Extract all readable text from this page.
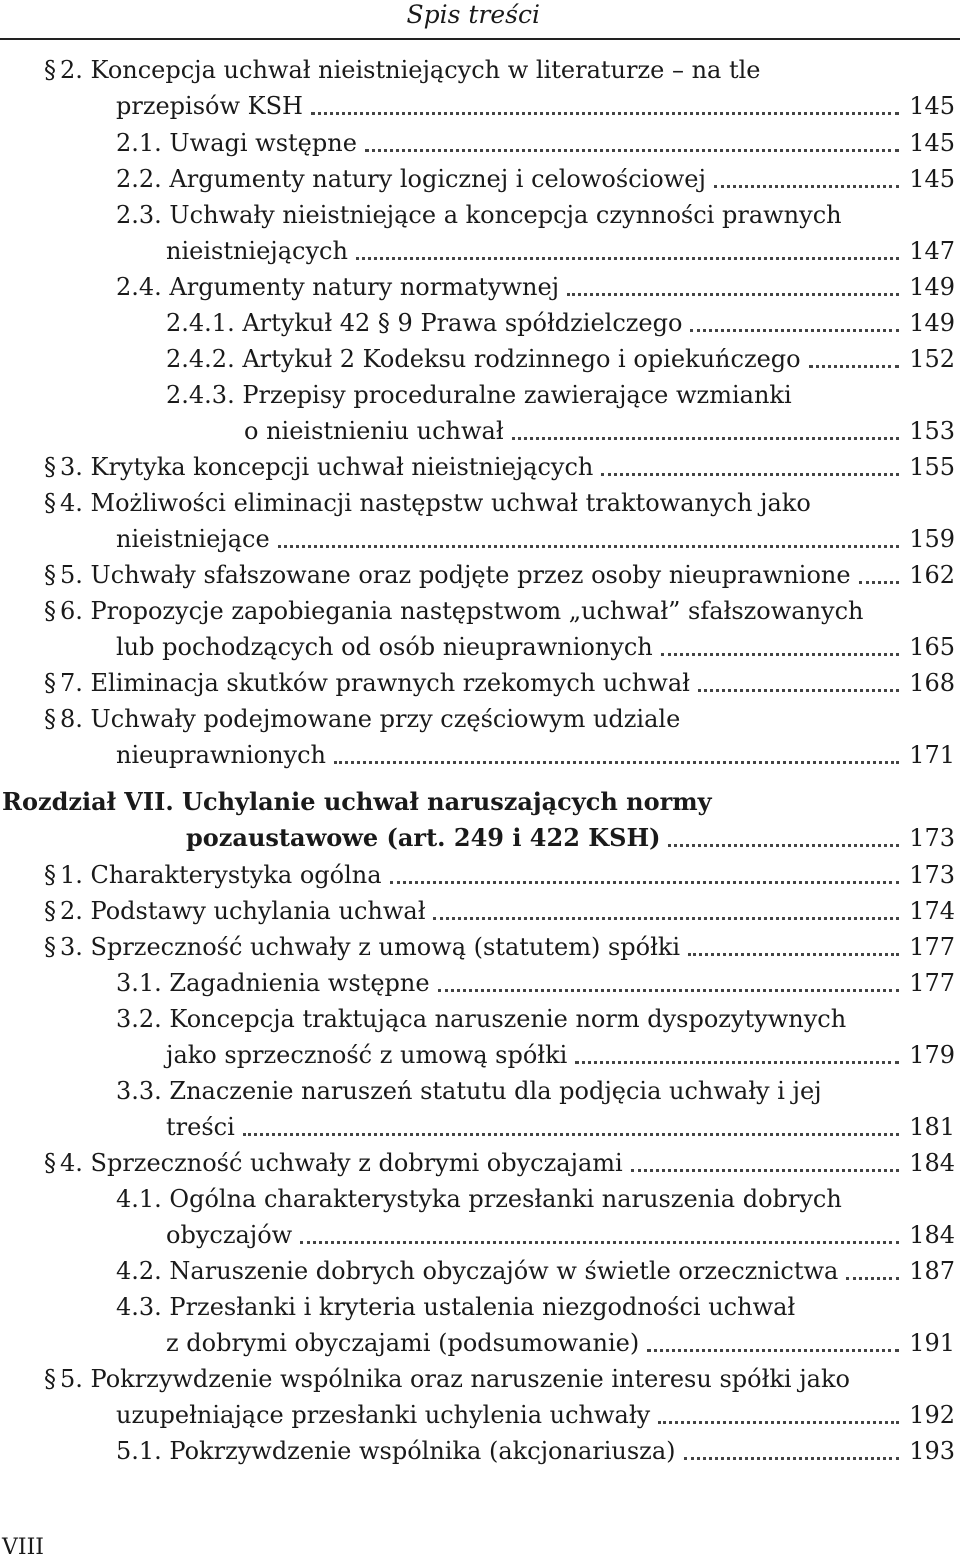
Spis treści
§ 2. Koncepcja uchwał nieistniejących w literaturze – na tle
przepisów KSH	145
2.1. Uwagi wstępne	145
2.2. Argumenty natury logicznej i celowościowej	145
2.3. Uchwały nieistniejące a koncepcja czynności prawnych
nieistniejących	147
2.4. Argumenty natury normatywnej	149
2.4.1. Artykuł 42 § 9 Prawa spółdzielczego	149
2.4.2. Artykuł 2 Kodeksu rodzinnego i opiekuńczego	152
2.4.3. Przepisy proceduralne zawierające wzmianki
o nieistnieniu uchwał	153
§ 3. Krytyka koncepcji uchwał nieistniejących	155
§ 4. Możliwości eliminacji następstw uchwał traktowanych jako
nieistniejące	159
§ 5. Uchwały sfałszowane oraz podjęte przez osoby nieuprawnione 162
§ 6. Propozycje zapobiegania następstwom „uchwał” sfałszowanych
lub pochodzących od osób nieuprawnionych	165
§ 7. Eliminacja skutków prawnych rzekomych uchwał	168
§ 8. Uchwały podejmowane przy częściowym udziale
nieuprawnionych	171
Rozdział VII. Uchylanie uchwał naruszających normy
pozaustawowe (art. 249 i 422 KSH)	173
§ 1. Charakterystyka ogólna	173
§ 2. Podstawy uchylania uchwał	174
§ 3. Sprzeczność uchwały z umową (statutem) spółki	177
3.1. Zagadnienia wstępne	177
3.2. Koncepcja traktująca naruszenie norm dyspozytywnych
jako sprzeczność z umową spółki	179
3.3. Znaczenie naruszeń statutu dla podjęcia uchwały i jej
treści	181
§ 4. Sprzeczność uchwały z dobrymi obyczajami	184
4.1. Ogólna charakterystyka przesłanki naruszenia dobrych
obyczajów	184
4.2. Naruszenie dobrych obyczajów w świetle orzecznictwa	187
4.3. Przesłanki i kryteria ustalenia niezgodności uchwał
z dobrymi obyczajami (podsumowanie)	191
§ 5. Pokrzywdzenie wspólnika oraz naruszenie interesu spółki jako
uzupełniające przesłanki uchylenia uchwały	192
5.1. Pokrzywdzenie wspólnika (akcjonariusza)	193
VIII
